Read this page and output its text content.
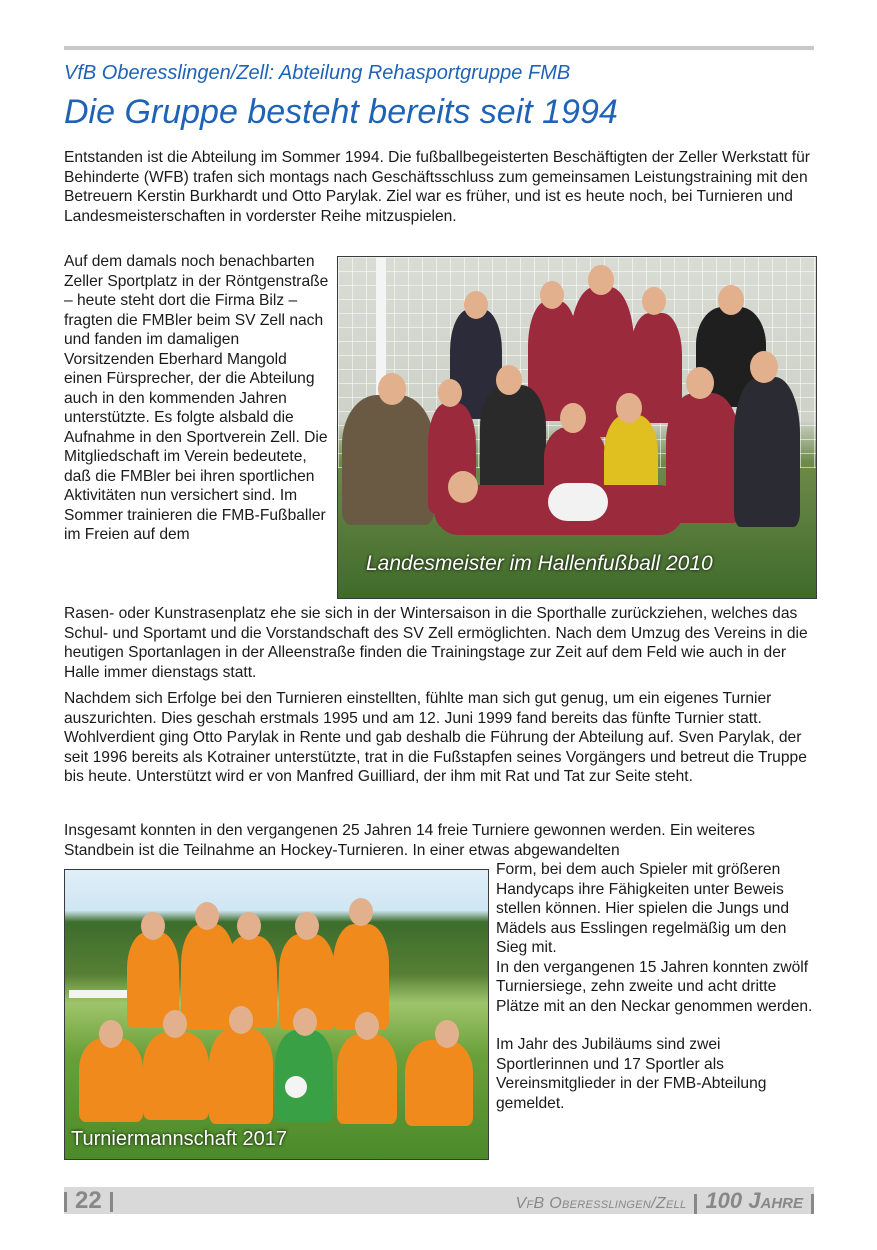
VfB Oberesslingen/Zell: Abteilung Rehasportgruppe FMB
Die Gruppe besteht bereits seit 1994

Entstanden ist die Abteilung im Sommer 1994. Die fußballbegeisterten Beschäftigten der Zeller Werkstatt für Behinderte (WFB) trafen sich montags nach Geschäftsschluss zum gemeinsamen Leistungstraining mit den Betreuern Kerstin Burkhardt und Otto Parylak. Ziel war es früher, und ist es heute noch, bei Turnieren und Landesmeisterschaften in vorderster Reihe mitzuspielen.

Auf dem damals noch benachbarten Zeller Sportplatz in der Röntgenstraße – heute steht dort die Firma Bilz – fragten die FMBler beim SV Zell nach und fanden im damaligen Vorsitzenden Eberhard Mangold einen Fürsprecher, der die Abteilung auch in den kommenden Jahren unterstützte. Es folgte alsbald die Aufnahme in den Sportverein Zell. Die Mitgliedschaft im Verein bedeutete, daß die FMBler bei ihren sportlichen Aktivitäten nun versichert sind. Im Sommer trainieren die FMB-Fußballer im Freien auf dem

Landesmeister im Hallenfußball 2010

Rasen- oder Kunstrasenplatz ehe sie sich in der Wintersaison in die Sporthalle zurückziehen, welches das Schul- und Sportamt und die Vorstandschaft des SV Zell ermöglichten. Nach dem Umzug des Vereins in die heutigen Sportanlagen in der Alleenstraße finden die Trainingstage zur Zeit auf dem Feld wie auch in der Halle immer dienstags statt.

Nachdem sich Erfolge bei den Turnieren einstellten, fühlte man sich gut genug, um ein eigenes Turnier auszurichten. Dies geschah erstmals 1995 und am 12. Juni 1999 fand bereits das fünfte Turnier statt. Wohlverdient ging Otto Parylak in Rente und gab deshalb die Führung der Abteilung auf. Sven Parylak, der seit 1996 bereits als Kotrainer unterstützte, trat in die Fußstapfen seines Vorgängers und betreut die Truppe bis heute. Unterstützt wird er von Manfred Guilliard, der ihm mit Rat und Tat zur Seite steht.

Insgesamt konnten in den vergangenen 25 Jahren 14 freie Turniere gewonnen werden. Ein weiteres Standbein ist die Teilnahme an Hockey-Turnieren. In einer etwas abgewandelten

Turniermannschaft 2017

Form, bei dem auch Spieler mit größeren Handycaps ihre Fähigkeiten unter Beweis stellen können. Hier spielen die Jungs und Mädels aus Esslingen regelmäßig um den Sieg mit.

In den vergangenen 15 Jahren konnten zwölf Turniersiege, zehn zweite und acht dritte Plätze mit an den Neckar genommen werden.

Im Jahr des Jubiläums sind zwei Sportlerinnen und 17 Sportler als Vereinsmitglieder in der FMB-Abteilung gemeldet.

22	VfB Oberesslingen/Zell 100 Jahre
